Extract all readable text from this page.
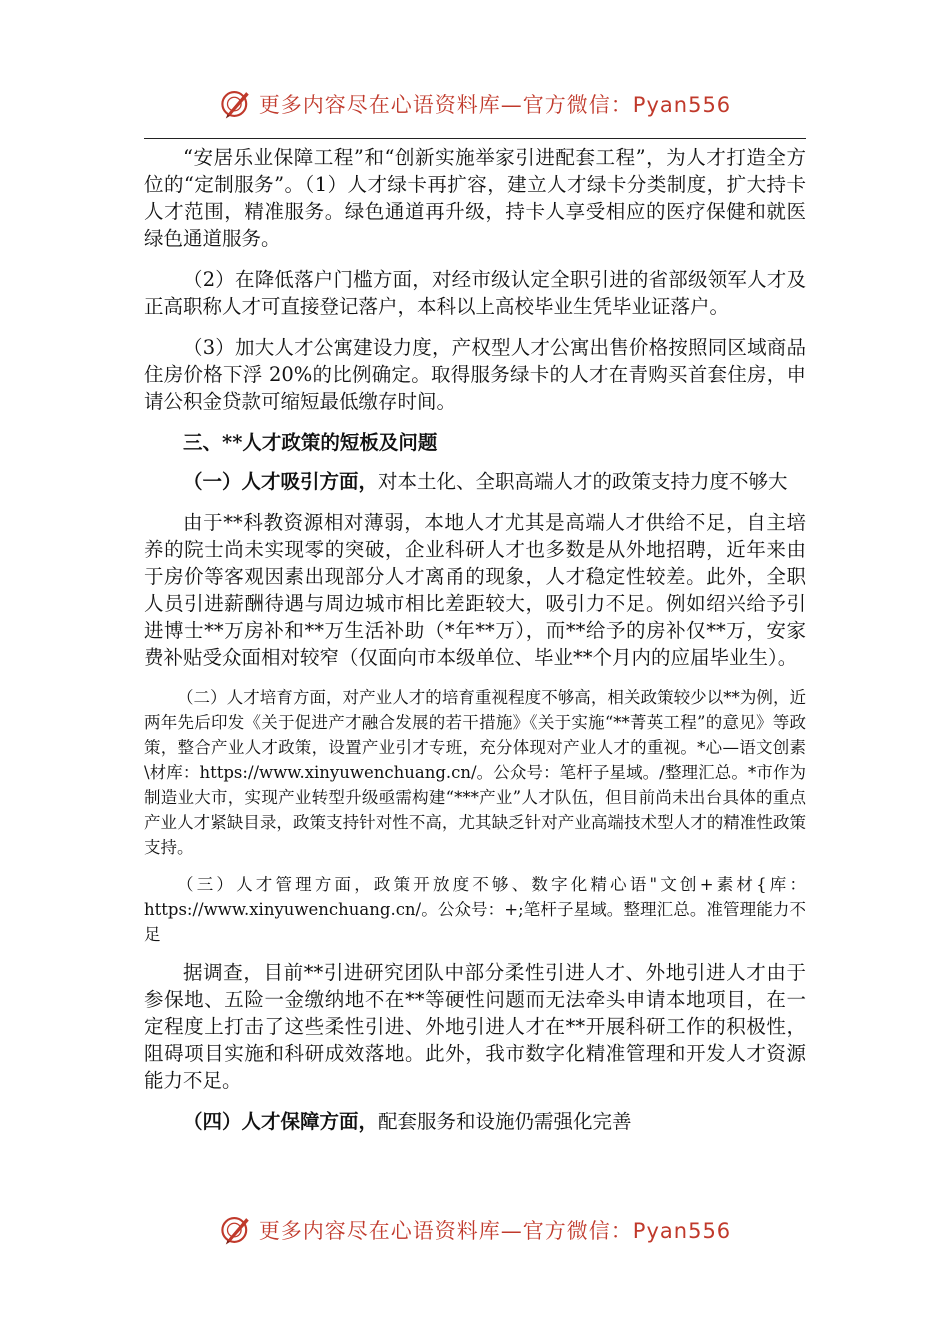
更多内容尽在心语资料库—官方微信：Pyan556

“安居乐业保障工程”和“创新实施举家引进配套工程”，为人才打造全方位的“定制服务”。（1）人才绿卡再扩容，建立人才绿卡分类制度，扩大持卡人才范围，精准服务。绿色通道再升级，持卡人享受相应的医疗保健和就医绿色通道服务。

（2）在降低落户门槛方面，对经市级认定全职引进的省部级领军人才及正高职称人才可直接登记落户，本科以上高校毕业生凭毕业证落户。

（3）加大人才公寓建设力度，产权型人才公寓出售价格按照同区域商品住房价格下浮 20%的比例确定。取得服务绿卡的人才在青购买首套住房，申请公积金贷款可缩短最低缴存时间。

三、**人才政策的短板及问题

（一）人才吸引方面，对本土化、全职高端人才的政策支持力度不够大

由于**科教资源相对薄弱，本地人才尤其是高端人才供给不足，自主培养的院士尚未实现零的突破，企业科研人才也多数是从外地招聘，近年来由于房价等客观因素出现部分人才离甬的现象，人才稳定性较差。此外，全职人员引进薪酬待遇与周边城市相比差距较大，吸引力不足。例如绍兴给予引进博士**万房补和**万生活补助（*年**万），而**给予的房补仅**万，安家费补贴受众面相对较窄（仅面向市本级单位、毕业**个月内的应届毕业生）。

（二）人才培育方面，对产业人才的培育重视程度不够高，相关政策较少以**为例，近两年先后印发《关于促进产才融合发展的若干措施》《关于实施“**菁英工程”的意见》等政策，整合产业人才政策，设置产业引才专班，充分体现对产业人才的重视。*心—语文创素\材库：https://www.xinyuwenchuang.cn/。公众号：笔杆子星域。/整理汇总。*市作为制造业大市，实现产业转型升级亟需构建“***产业”人才队伍，但目前尚未出台具体的重点产业人才紧缺目录，政策支持针对性不高，尤其缺乏针对产业高端技术型人才的精准性政策支持。

（三）人才管理方面，政策开放度不够、数字化精心语"文创+素材{库：https://www.xinyuwenchuang.cn/。公众号：+;笔杆子星域。整理汇总。准管理能力不足

据调查，目前**引进研究团队中部分柔性引进人才、外地引进人才由于参保地、五险一金缴纳地不在**等硬性问题而无法牵头申请本地项目，在一定程度上打击了这些柔性引进、外地引进人才在**开展科研工作的积极性，阻碍项目实施和科研成效落地。此外，我市数字化精准管理和开发人才资源能力不足。

（四）人才保障方面，配套服务和设施仍需强化完善

更多内容尽在心语资料库—官方微信：Pyan556
